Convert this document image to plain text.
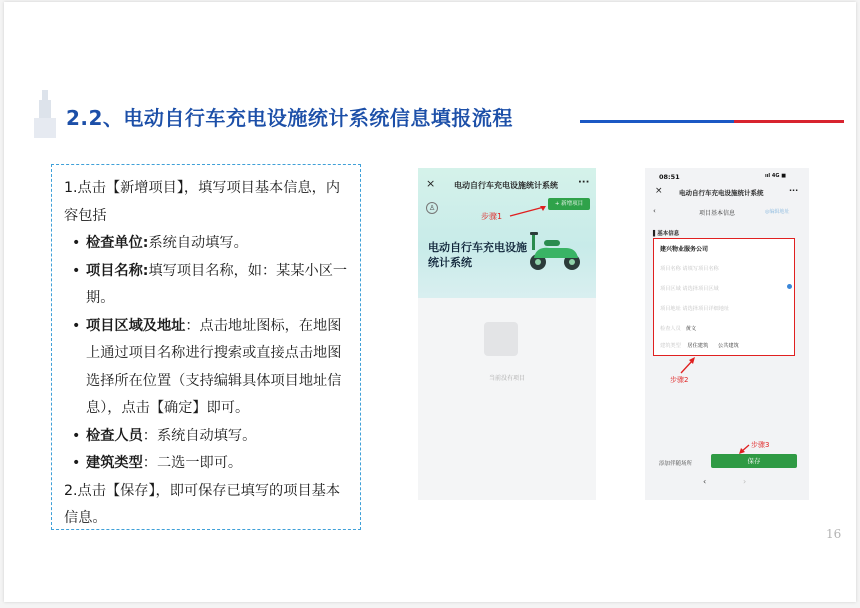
2.2、电动自行车充电设施统计系统信息填报流程

1.点击【新增项目】，填写项目基本信息，内容包括

• 检查单位:系统自动填写。
• 项目名称:填写项目名称，如：某某小区一期。
• 项目区域及地址：点击地址图标，在地图上通过项目名称进行搜索或直接点击地图选择所在位置（支持编辑具体项目地址信息），点击【确定】即可。
• 检查人员：系统自动填写。
• 建筑类型：二选一即可。

2.点击【保存】，即可保存已填写的项目基本信息。

× 电动自行车充电设施统计系统 ···
♙	+ 新增项目
步骤1
电动自行车充电设施
统计系统
当前没有项目
08:51	ııl 4G ■
×	电动自行车充电设施统计系统	···
‹	项目基本信息	◎编辑地址
▌基本信息
建兴物业服务公司
项目名称 请填写项目名称
项目区域 请选择项目区域
项目地址 请选择项目详细地址
检查人员 黄文
建筑类型 居住建筑 公共建筑
步骤2
步骤3
添加伴随场所	保存
‹	›
16
